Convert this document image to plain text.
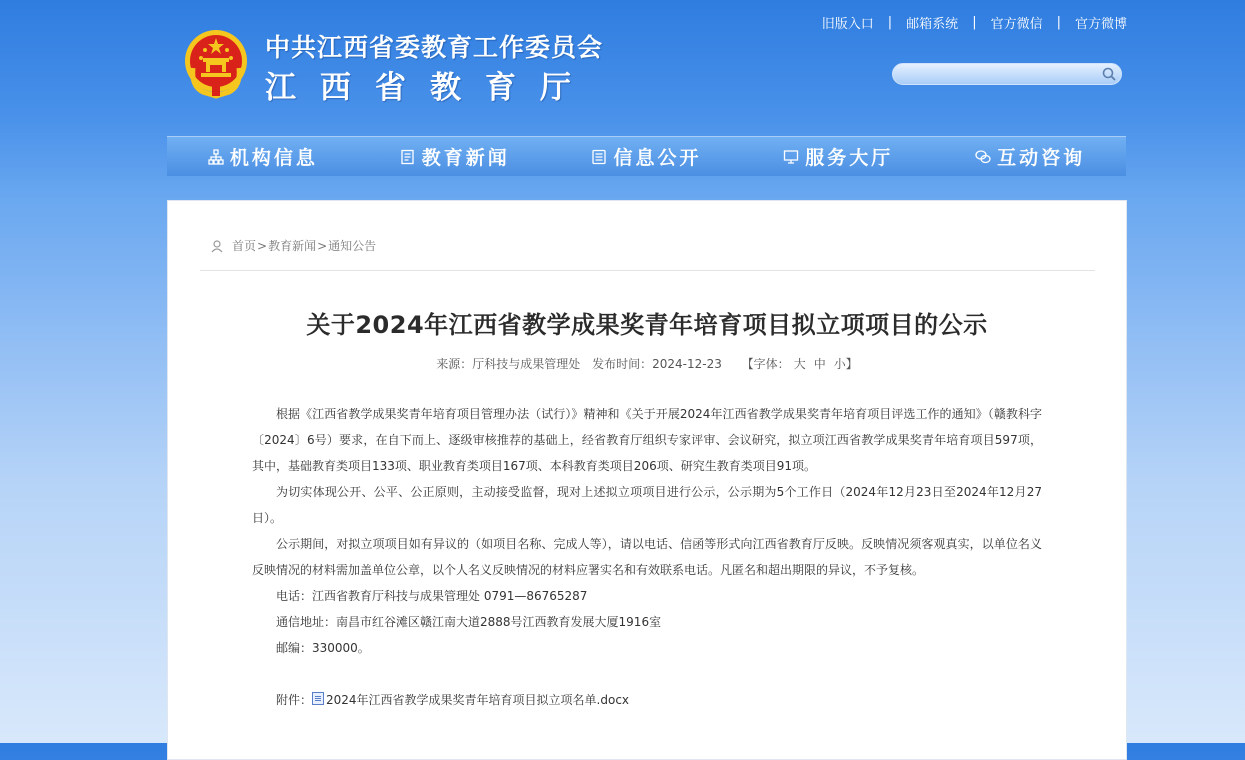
中共江西省委教育工作委员会
江西省教育厅
旧版入口 | 邮箱系统 | 官方微信 | 官方微博
机构信息	教育新闻	信息公开	服务大厅	互动咨询
首页 > 教育新闻 > 通知公告
关于2024年江西省教学成果奖青年培育项目拟立项项目的公示
来源：厅科技与成果管理处 发布时间：2024-12-23 【字体： 大 中 小】

根据《江西省教学成果奖青年培育项目管理办法（试行）》精神和《关于开展2024年江西省教学成果奖青年培育项目评选工作的通知》（赣教科字〔2024〕6号）要求，在自下而上、逐级审核推荐的基础上，经省教育厅组织专家评审、会议研究，拟立项江西省教学成果奖青年培育项目597项，其中，基础教育类项目133项、职业教育类项目167项、本科教育类项目206项、研究生教育类项目91项。

为切实体现公开、公平、公正原则，主动接受监督，现对上述拟立项项目进行公示，公示期为5个工作日（2024年12月23日至2024年12月27日）。

公示期间，对拟立项项目如有异议的（如项目名称、完成人等），请以电话、信函等形式向江西省教育厅反映。反映情况须客观真实，以单位名义反映情况的材料需加盖单位公章，以个人名义反映情况的材料应署实名和有效联系电话。凡匿名和超出期限的异议，不予复核。

电话：江西省教育厅科技与成果管理处 0791—86765287

通信地址：南昌市红谷滩区赣江南大道2888号江西教育发展大厦1916室

邮编：330000。

附件： 2024年江西省教学成果奖青年培育项目拟立项名单.docx
